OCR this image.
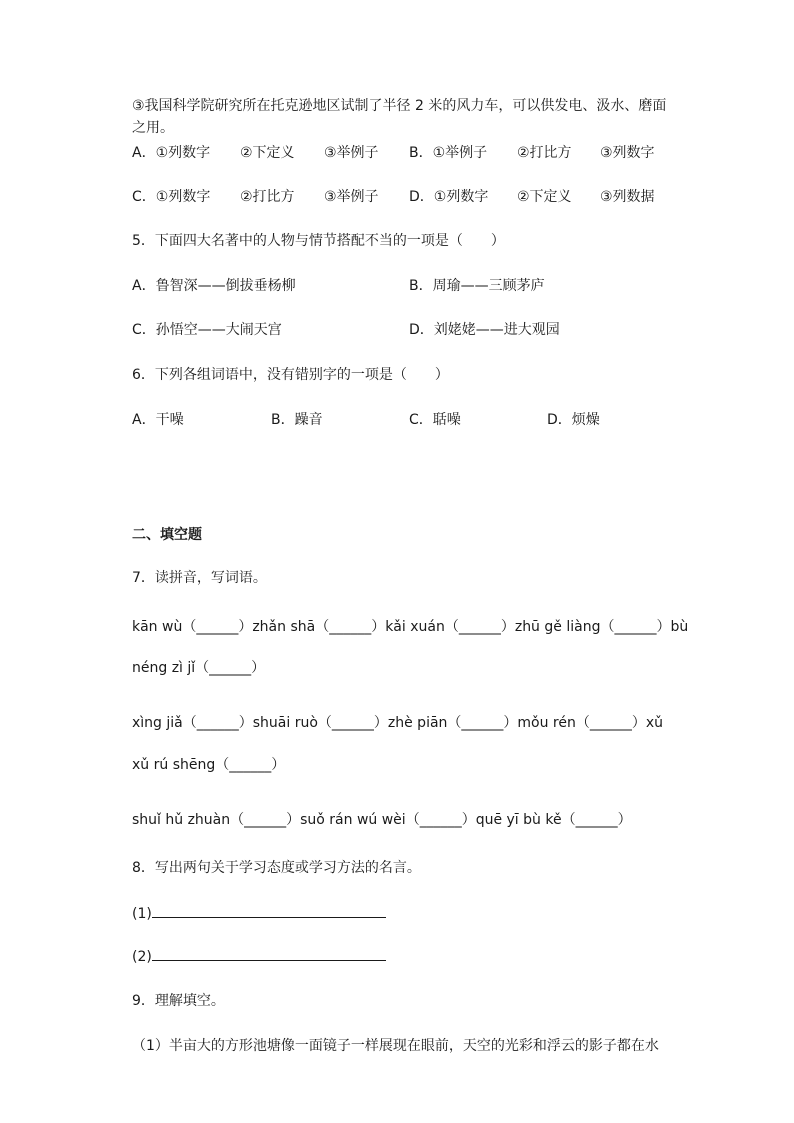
③我国科学院研究所在托克逊地区试制了半径 2 米的风力车，可以供发电、汲水、磨面
之用。
A．①列数字 ②下定义 ③举例子 B．①举例子 ②打比方 ③列数字
C．①列数字 ②打比方 ③举例子 D．①列数字 ②下定义 ③列数据
5．下面四大名著中的人物与情节搭配不当的一项是（　　）
A．鲁智深——倒拔垂杨柳	B．周瑜——三顾茅庐
C．孙悟空——大闹天宫	D．刘姥姥——进大观园
6．下列各组词语中，没有错别字的一项是（　　）
A．干噪	B．躁音	C．聒噪	D．烦燥
二、填空题
7．读拼音，写词语。
kān wù（______）zhǎn shā（______）kǎi xuán（______）zhū gě liàng（______）bù
néng zì jǐ（______）
xìng jiǎ（______）shuāi ruò（______）zhè piān（______）mǒu rén（______）xǔ
xǔ rú shēng（______）
shuǐ hǔ zhuàn（______）suǒ rán wú wèi（______）quē yī bù kě（______）
8．写出两句关于学习态度或学习方法的名言。
(1)
(2)
9．理解填空。
（1）半亩大的方形池塘像一面镜子一样展现在眼前，天空的光彩和浮云的影子都在水
